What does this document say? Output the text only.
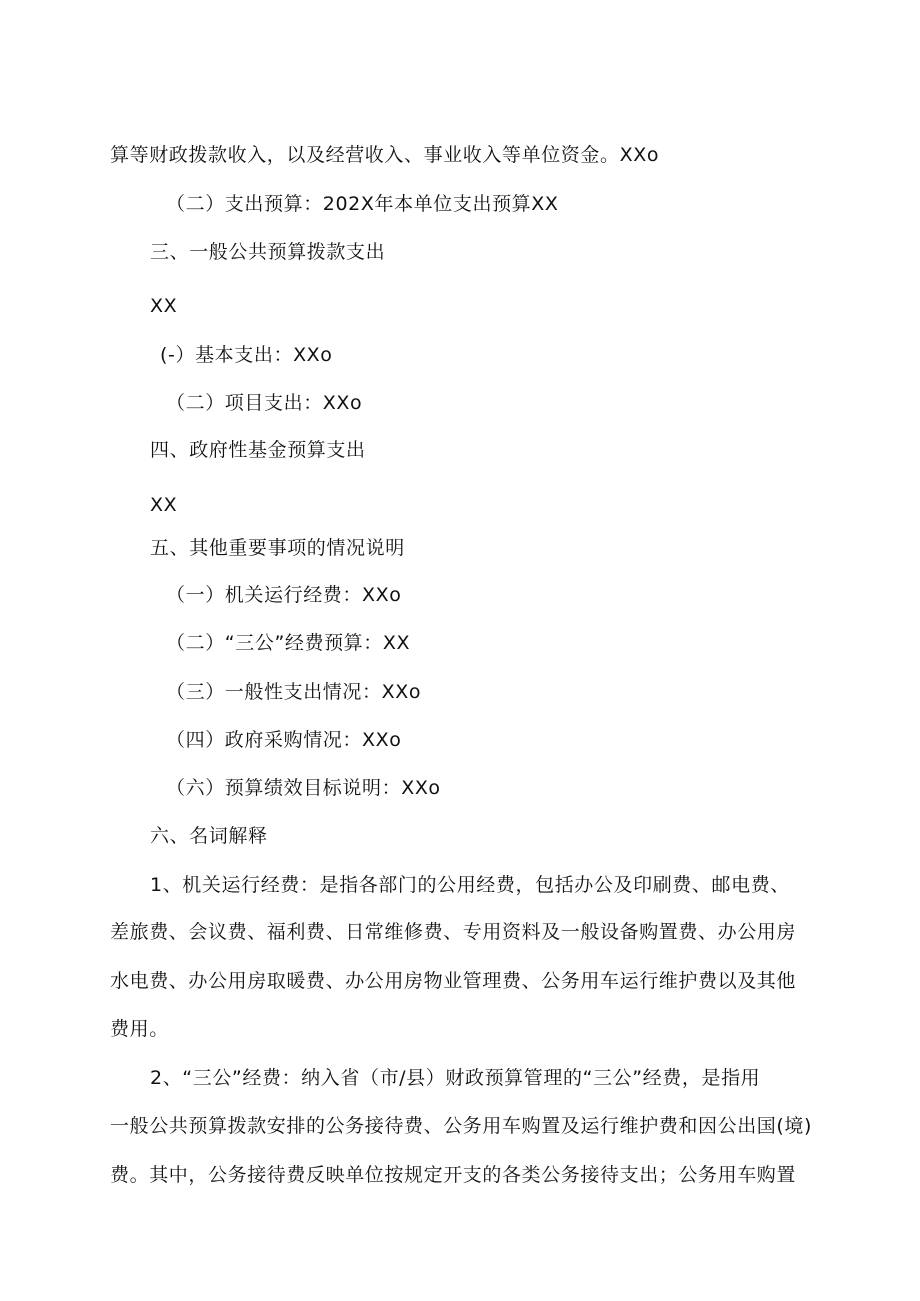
算等财政拨款收入，以及经营收入、事业收入等单位资金。XXo
（二）支出预算：202X年本单位支出预算XX
三、一般公共预算拨款支出
XX
(-）基本支出：XXo
（二）项目支出：XXo
四、政府性基金预算支出
XX
五、其他重要事项的情况说明
（一）机关运行经费：XXo
（二）“三公”经费预算：XX
（三）一般性支出情况：XXo
（四）政府采购情况：XXo
（六）预算绩效目标说明：XXo
六、名词解释
1、机关运行经费：是指各部门的公用经费，包括办公及印刷费、邮电费、
差旅费、会议费、福利费、日常维修费、专用资料及一般设备购置费、办公用房
水电费、办公用房取暖费、办公用房物业管理费、公务用车运行维护费以及其他
费用。
2、“三公”经费：纳入省（市/县）财政预算管理的“三公”经费，是指用
一般公共预算拨款安排的公务接待费、公务用车购置及运行维护费和因公出国(境)
费。其中，公务接待费反映单位按规定开支的各类公务接待支出；公务用车购置
